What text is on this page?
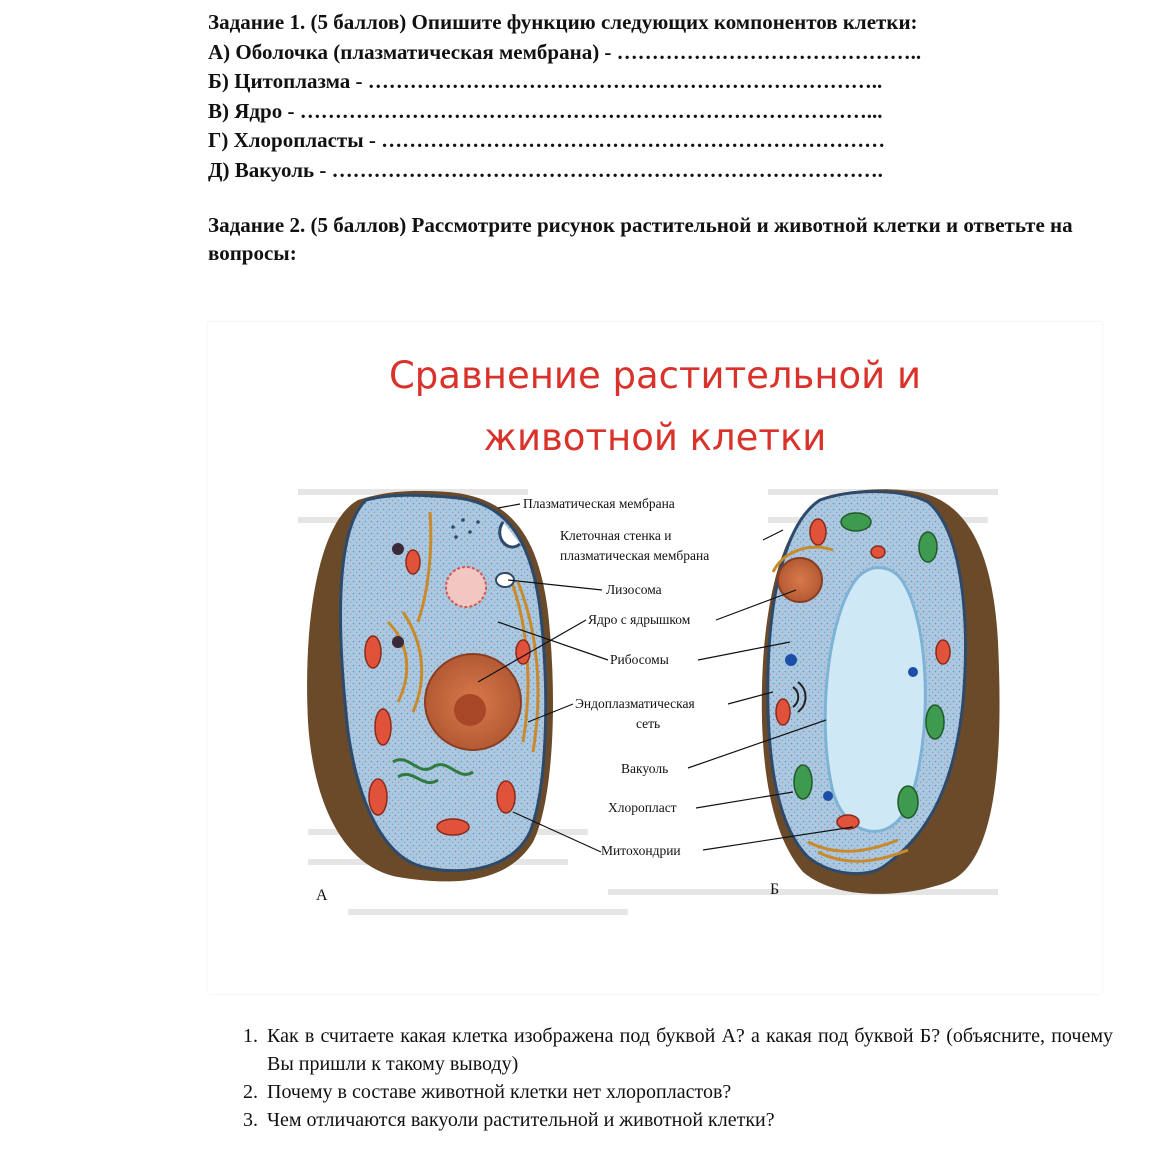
Задание 1. (5 баллов) Опишите функцию следующих компонентов клетки:
А) Оболочка (плазматическая мембрана) - ……………………………………..
Б) Цитоплазма - ………………………………………………………………..
В) Ядро - ………………………………………………………………………...
Г) Хлоропласты - ………………………………………………………………
Д) Вакуоль - …………………………………………………………………….
Задание 2. (5 баллов) Рассмотрите рисунок растительной и животной клетки и ответьте на вопросы:
Сравнение растительной и
животной клетки
Плазматическая мембрана
Клеточная стенка и
плазматическая мембрана
Лизосома
Ядро с ядрышком
Рибосомы
Эндоплазматическая
сеть
Вакуоль
Хлоропласт
Митохондрии
А	Б
1. Как в считаете какая клетка изображена под буквой А? а какая под буквой Б? (объясните, почему Вы пришли к такому выводу)
2. Почему в составе животной клетки нет хлоропластов?
3. Чем отличаются вакуоли растительной и животной клетки?
